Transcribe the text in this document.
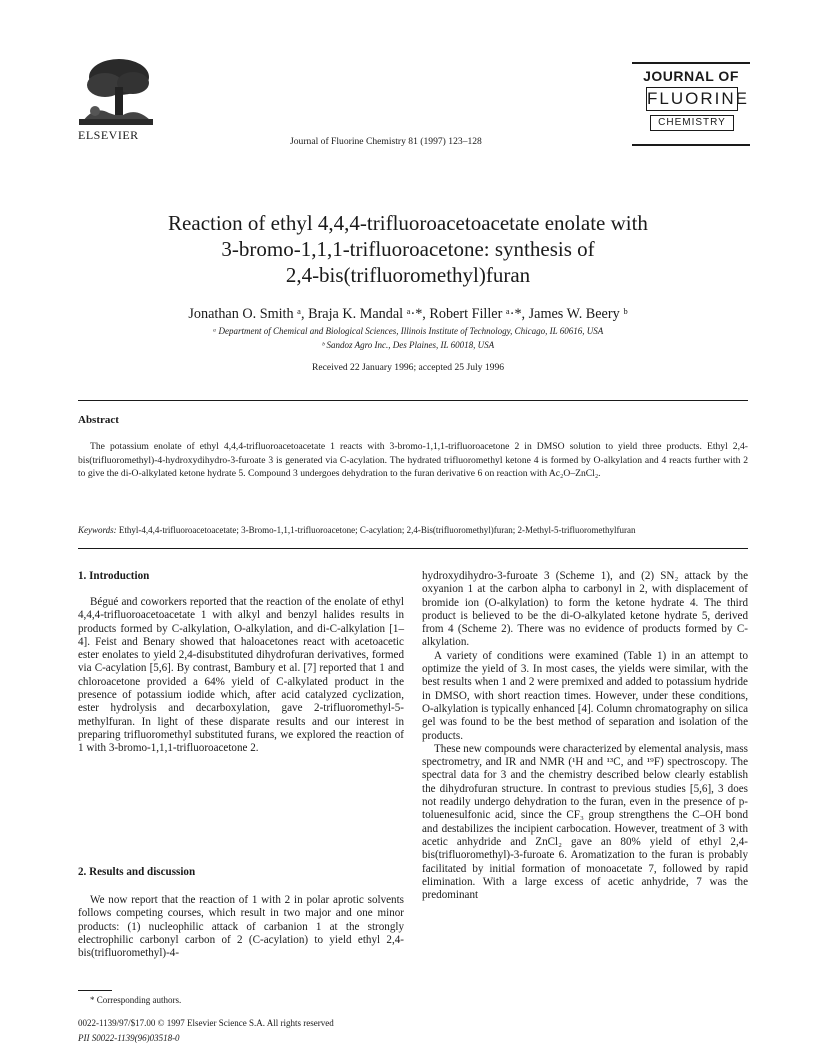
ELSEVIER	Journal of Fluorine Chemistry 81 (1997) 123–128
JOURNAL OF
FLUORINE
CHEMISTRY
Reaction of ethyl 4,4,4-trifluoroacetoacetate enolate with
3-bromo-1,1,1-trifluoroacetone: synthesis of
2,4-bis(trifluoromethyl)furan
Jonathan O. Smith ᵃ, Braja K. Mandal ᵃ·*, Robert Filler ᵃ·*, James W. Beery ᵇ
ᵃ Department of Chemical and Biological Sciences, Illinois Institute of Technology, Chicago, IL 60616, USA
ᵇ Sandoz Agro Inc., Des Plaines, IL 60018, USA
Received 22 January 1996; accepted 25 July 1996
Abstract
The potassium enolate of ethyl 4,4,4-trifluoroacetoacetate 1 reacts with 3-bromo-1,1,1-trifluoroacetone 2 in DMSO solution to yield three products. Ethyl 2,4-bis(trifluoromethyl)-4-hydroxydihydro-3-furoate 3 is generated via C-acylation. The hydrated trifluoromethyl ketone 4 is formed by O-alkylation and 4 reacts further with 2 to give the di-O-alkylated ketone hydrate 5. Compound 3 undergoes dehydration to the furan derivative 6 on reaction with Ac₂O–ZnCl₂.
Keywords: Ethyl-4,4,4-trifluoroacetoacetate; 3-Bromo-1,1,1-trifluoroacetone; C-acylation; 2,4-Bis(trifluoromethyl)furan; 2-Methyl-5-trifluoromethylfuran
1. Introduction

Bégué and coworkers reported that the reaction of the enolate of ethyl 4,4,4-trifluoroacetoacetate 1 with alkyl and benzyl halides results in products formed by C-alkylation, O-alkylation, and di-C-alkylation [1–4]. Feist and Benary showed that haloacetones react with acetoacetic ester enolates to yield 2,4-disubstituted dihydrofuran derivatives, formed via C-acylation [5,6]. By contrast, Bambury et al. [7] reported that 1 and chloroacetone provided a 64% yield of C-alkylated product in the presence of potassium iodide which, after acid catalyzed cyclization, ester hydrolysis and decarboxylation, gave 2-trifluoromethyl-5-methylfuran. In light of these disparate results and our interest in preparing trifluoromethyl substituted furans, we explored the reaction of 1 with 3-bromo-1,1,1-trifluoroacetone 2.

2. Results and discussion

We now report that the reaction of 1 with 2 in polar aprotic solvents follows competing courses, which result in two major and one minor products: (1) nucleophilic attack of carbanion 1 at the strongly electrophilic carbonyl carbon of 2 (C-acylation) to yield ethyl 2,4-bis(trifluoromethyl)-4-

hydroxydihydro-3-furoate 3 (Scheme 1), and (2) SN₂ attack by the oxyanion 1 at the carbon alpha to carbonyl in 2, with displacement of bromide ion (O-alkylation) to form the ketone hydrate 4. The third product is believed to be the di-O-alkylated ketone hydrate 5, derived from 4 (Scheme 2). There was no evidence of products formed by C-alkylation.

A variety of conditions were examined (Table 1) in an attempt to optimize the yield of 3. In most cases, the yields were similar, with the best results when 1 and 2 were premixed and added to potassium hydride in DMSO, with short reaction times. However, under these conditions, O-alkylation is typically enhanced [4]. Column chromatography on silica gel was found to be the best method of separation and isolation of the products.

These new compounds were characterized by elemental analysis, mass spectrometry, and IR and NMR (¹H and ¹³C, and ¹⁹F) spectroscopy. The spectral data for 3 and the chemistry described below clearly establish the dihydrofuran structure. In contrast to previous studies [5,6], 3 does not readily undergo dehydration to the furan, even in the presence of p-toluenesulfonic acid, since the CF₃ group strengthens the C–OH bond and destabilizes the incipient carbocation. However, treatment of 3 with acetic anhydride and ZnCl₂ gave an 80% yield of ethyl 2,4-bis(trifluoromethyl)-3-furoate 6. Aromatization to the furan is probably facilitated by initial formation of monoacetate 7, followed by rapid elimination. With a large excess of acetic anhydride, 7 was the predominant

* Corresponding authors.
0022-1139/97/$17.00 © 1997 Elsevier Science S.A. All rights reserved
PII S0022-1139(96)03518-0
